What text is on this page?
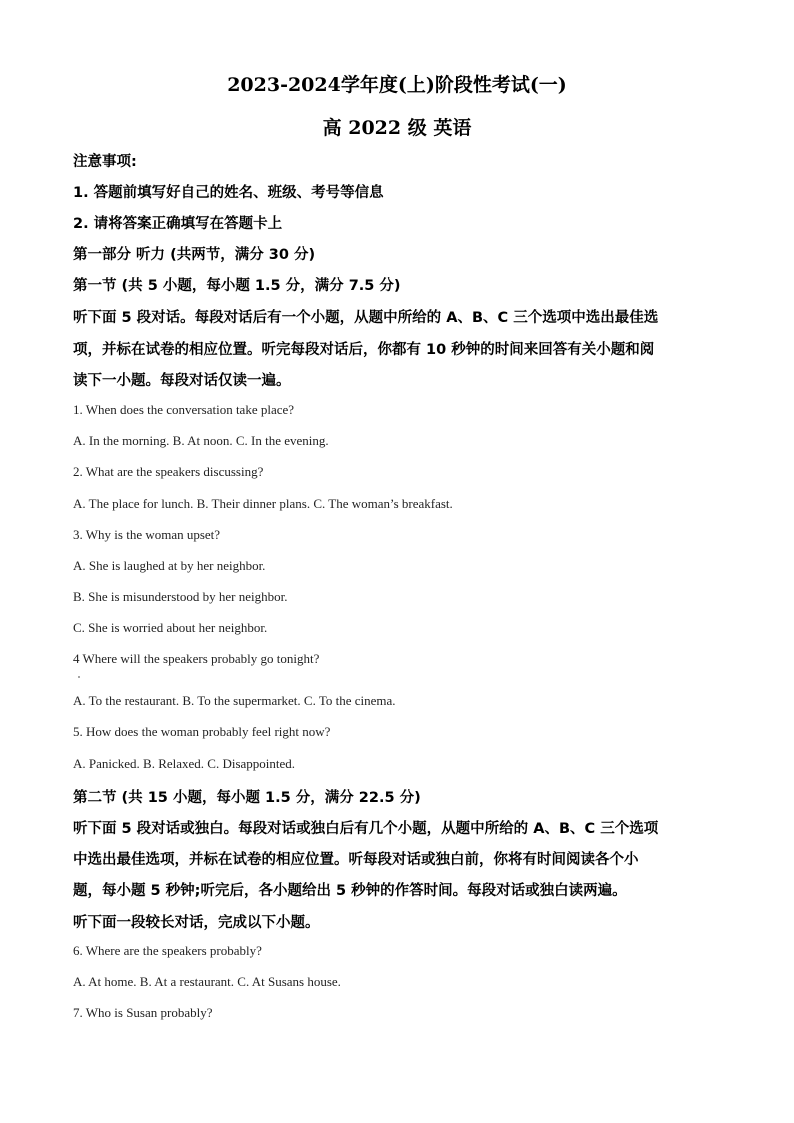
2023-2024学年度(上)阶段性考试(一)
高 2022 级 英语
注意事项:
1. 答题前填写好自己的姓名、班级、考号等信息
2. 请将答案正确填写在答题卡上
第一部分 听力 (共两节，满分 30 分)
第一节 (共 5 小题，每小题 1.5 分，满分 7.5 分)
听下面 5 段对话。每段对话后有一个小题，从题中所给的 A、B、C 三个选项中选出最佳选
项，并标在试卷的相应位置。听完每段对话后，你都有 10 秒钟的时间来回答有关小题和阅
读下一小题。每段对话仅读一遍。
1. When does the conversation take place?
A. In the morning. B. At noon. C. In the evening.
2. What are the speakers discussing?
A. The place for lunch. B. Their dinner plans. C. The woman’s breakfast.
3. Why is the woman upset?
A. She is laughed at by her neighbor.
B. She is misunderstood by her neighbor.
C. She is worried about her neighbor.
4 Where will the speakers probably go tonight?
A. To the restaurant. B. To the supermarket. C. To the cinema.
5. How does the woman probably feel right now?
A. Panicked. B. Relaxed. C. Disappointed.
第二节 (共 15 小题，每小题 1.5 分，满分 22.5 分)
听下面 5 段对话或独白。每段对话或独白后有几个小题，从题中所给的 A、B、C 三个选项
中选出最佳选项，并标在试卷的相应位置。听每段对话或独白前，你将有时间阅读各个小
题，每小题 5 秒钟;听完后，各小题给出 5 秒钟的作答时间。每段对话或独白读两遍。
听下面一段较长对话，完成以下小题。
6. Where are the speakers probably?
A. At home. B. At a restaurant. C. At Susans house.
7. Who is Susan probably?
